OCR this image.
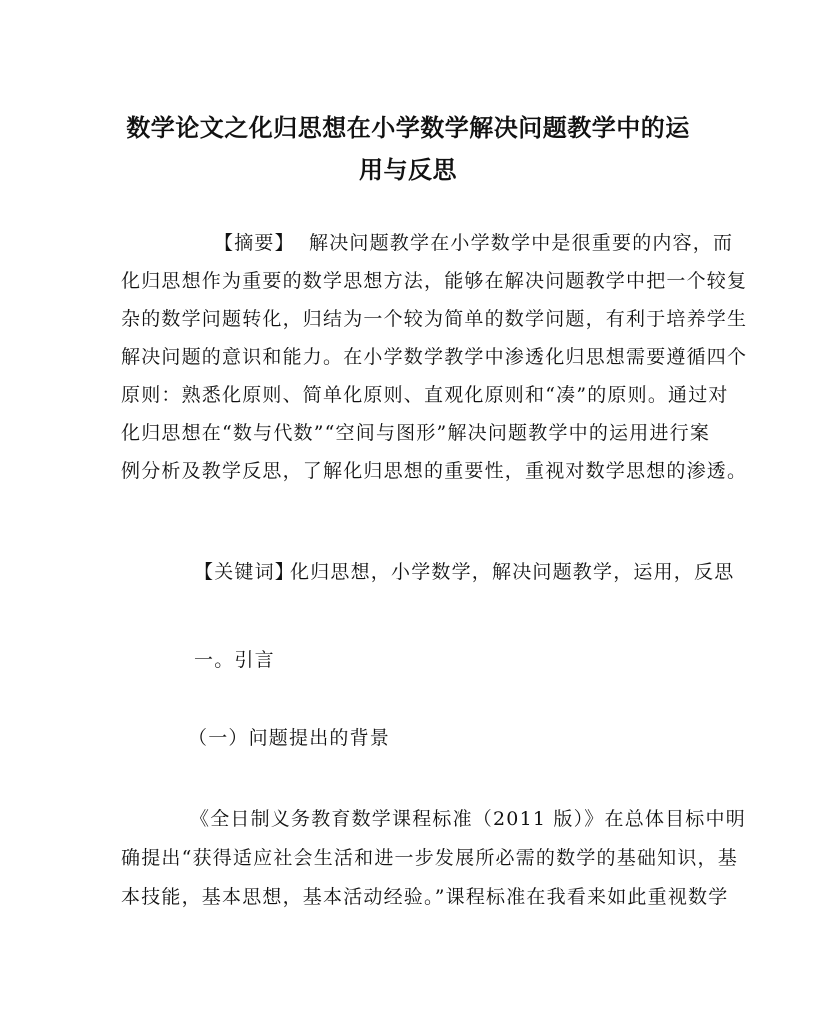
数学论文之化归思想在小学数学解决问题教学中的运
用与反思
【摘要】 解决问题教学在小学数学中是很重要的内容，而
化归思想作为重要的数学思想方法，能够在解决问题教学中把一个较复
杂的数学问题转化，归结为一个较为简单的数学问题，有利于培养学生
解决问题的意识和能力。在小学数学教学中渗透化归思想需要遵循四个
原则：熟悉化原则、简单化原则、直观化原则和“凑”的原则。通过对
化归思想在“数与代数”“空间与图形”解决问题教学中的运用进行案
例分析及教学反思，了解化归思想的重要性，重视对数学思想的渗透。
【关键词】
化归思想，小学数学，解决问题教学，运用，反思
一。引言
（一）问题提出的背景
《全日制义务教育数学课程标准（2011 版）》在总体目标中明
确提出“获得适应社会生活和进一步发展所必需的数学的基础知识，基
本技能，基本思想，基本活动经验。”课程标准在我看来如此重视数学
